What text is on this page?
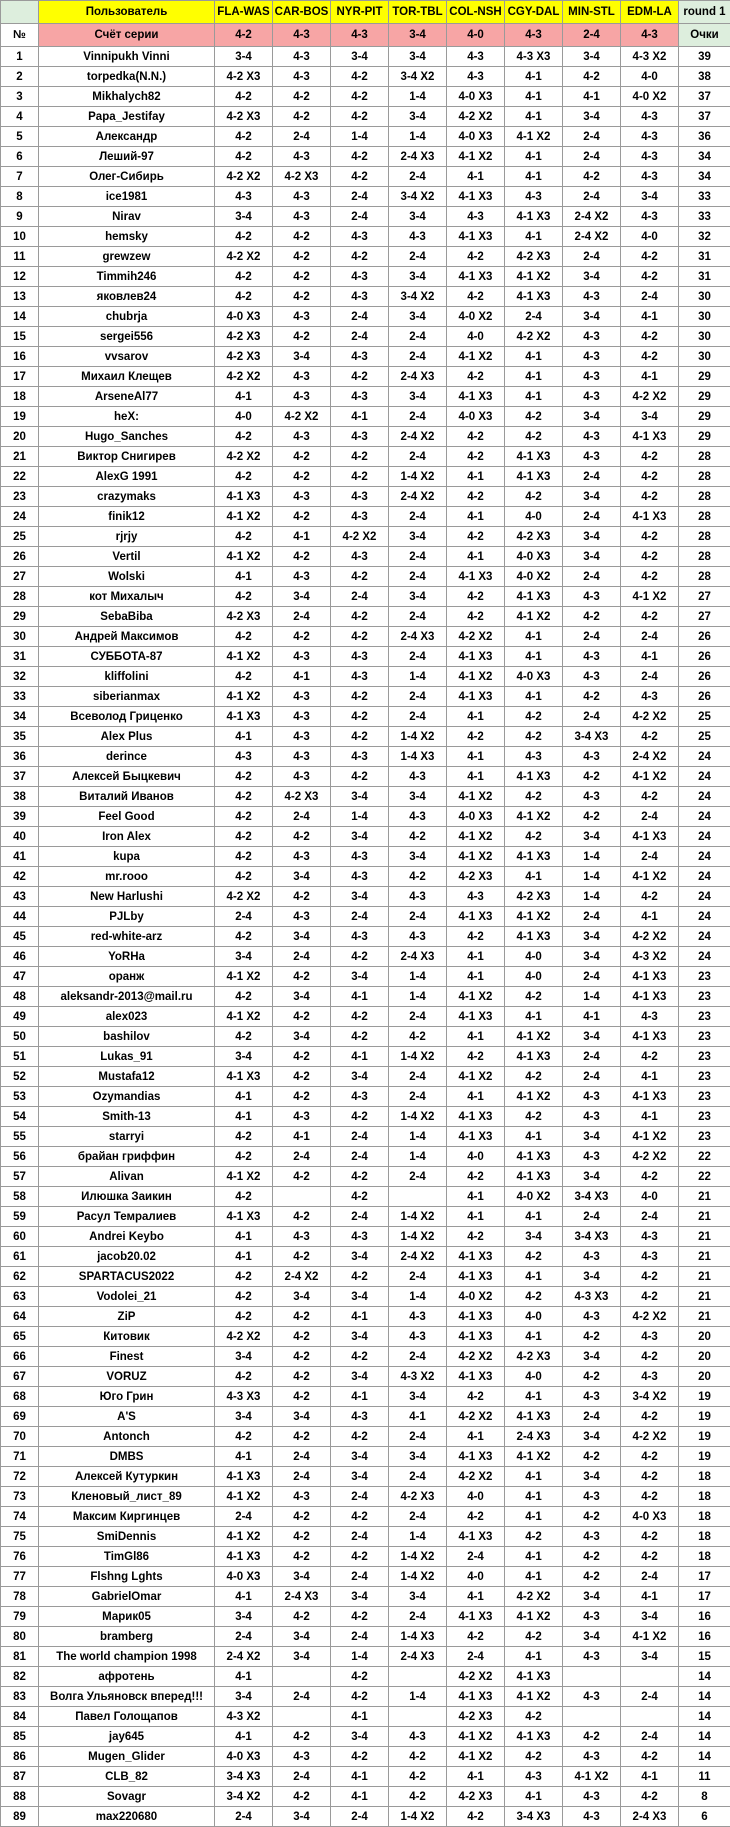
	Пользователь	FLA-WAS	CAR-BOS	NYR-PIT	TOR-TBL	COL-NSH	CGY-DAL	MIN-STL	EDM-LA	round 1
№	Счёт серии	4-2	4-3	4-3	3-4	4-0	4-3	2-4	4-3	Очки
1	Vinnipukh Vinni	3-4	4-3	3-4	3-4	4-3	4-3 X3	3-4	4-3 X2	39
2	torpedka(N.N.)	4-2 X3	4-3	4-2	3-4 X2	4-3	4-1	4-2	4-0	38
3	Mikhalych82	4-2	4-2	4-2	1-4	4-0 X3	4-1	4-1	4-0 X2	37
4	Papa_Jestifay	4-2 X3	4-2	4-2	3-4	4-2 X2	4-1	3-4	4-3	37
5	Александр	4-2	2-4	1-4	1-4	4-0 X3	4-1 X2	2-4	4-3	36
6	Леший-97	4-2	4-3	4-2	2-4 X3	4-1 X2	4-1	2-4	4-3	34
7	Олег-Сибирь	4-2 X2	4-2 X3	4-2	2-4	4-1	4-1	4-2	4-3	34
8	ice1981	4-3	4-3	2-4	3-4 X2	4-1 X3	4-3	2-4	3-4	33
9	Nirav	3-4	4-3	2-4	3-4	4-3	4-1 X3	2-4 X2	4-3	33
10	hemsky	4-2	4-2	4-3	4-3	4-1 X3	4-1	2-4 X2	4-0	32
11	grewzew	4-2 X2	4-2	4-2	2-4	4-2	4-2 X3	2-4	4-2	31
12	Timmih246	4-2	4-2	4-3	3-4	4-1 X3	4-1 X2	3-4	4-2	31
13	яковлев24	4-2	4-2	4-3	3-4 X2	4-2	4-1 X3	4-3	2-4	30
14	chubrja	4-0 X3	4-3	2-4	3-4	4-0 X2	2-4	3-4	4-1	30
15	sergei556	4-2 X3	4-2	2-4	2-4	4-0	4-2 X2	4-3	4-2	30
16	vvsarov	4-2 X3	3-4	4-3	2-4	4-1 X2	4-1	4-3	4-2	30
17	Михаил Клещев	4-2 X2	4-3	4-2	2-4 X3	4-2	4-1	4-3	4-1	29
18	ArseneAl77	4-1	4-3	4-3	3-4	4-1 X3	4-1	4-3	4-2 X2	29
19	heX:	4-0	4-2 X2	4-1	2-4	4-0 X3	4-2	3-4	3-4	29
20	Hugo_Sanches	4-2	4-3	4-3	2-4 X2	4-2	4-2	4-3	4-1 X3	29
21	Виктор Снигирев	4-2 X2	4-2	4-2	2-4	4-2	4-1 X3	4-3	4-2	28
22	AlexG 1991	4-2	4-2	4-2	1-4 X2	4-1	4-1 X3	2-4	4-2	28
23	crazymaks	4-1 X3	4-3	4-3	2-4 X2	4-2	4-2	3-4	4-2	28
24	finik12	4-1 X2	4-2	4-3	2-4	4-1	4-0	2-4	4-1 X3	28
25	rjrjy	4-2	4-1	4-2 X2	3-4	4-2	4-2 X3	3-4	4-2	28
26	Vertil	4-1 X2	4-2	4-3	2-4	4-1	4-0 X3	3-4	4-2	28
27	Wolski	4-1	4-3	4-2	2-4	4-1 X3	4-0 X2	2-4	4-2	28
28	кот Михалыч	4-2	3-4	2-4	3-4	4-2	4-1 X3	4-3	4-1 X2	27
29	SebaBiba	4-2 X3	2-4	4-2	2-4	4-2	4-1 X2	4-2	4-2	27
30	Андрей Максимов	4-2	4-2	4-2	2-4 X3	4-2 X2	4-1	2-4	2-4	26
31	СУББОТА-87	4-1 X2	4-3	4-3	2-4	4-1 X3	4-1	4-3	4-1	26
32	kliffolini	4-2	4-1	4-3	1-4	4-1 X2	4-0 X3	4-3	2-4	26
33	siberianmax	4-1 X2	4-3	4-2	2-4	4-1 X3	4-1	4-2	4-3	26
34	Всеволод Гриценко	4-1 X3	4-3	4-2	2-4	4-1	4-2	2-4	4-2 X2	25
35	Alex Plus	4-1	4-3	4-2	1-4 X2	4-2	4-2	3-4 X3	4-2	25
36	derince	4-3	4-3	4-3	1-4 X3	4-1	4-3	4-3	2-4 X2	24
37	Алексей Быцкевич	4-2	4-3	4-2	4-3	4-1	4-1 X3	4-2	4-1 X2	24
38	Виталий Иванов	4-2	4-2 X3	3-4	3-4	4-1 X2	4-2	4-3	4-2	24
39	Feel Good	4-2	2-4	1-4	4-3	4-0 X3	4-1 X2	4-2	2-4	24
40	Iron Alex	4-2	4-2	3-4	4-2	4-1 X2	4-2	3-4	4-1 X3	24
41	kupa	4-2	4-3	4-3	3-4	4-1 X2	4-1 X3	1-4	2-4	24
42	mr.rooo	4-2	3-4	4-3	4-2	4-2 X3	4-1	1-4	4-1 X2	24
43	New Harlushi	4-2 X2	4-2	3-4	4-3	4-3	4-2 X3	1-4	4-2	24
44	PJLby	2-4	4-3	2-4	2-4	4-1 X3	4-1 X2	2-4	4-1	24
45	red-white-arz	4-2	3-4	4-3	4-3	4-2	4-1 X3	3-4	4-2 X2	24
46	YoRHa	3-4	2-4	4-2	2-4 X3	4-1	4-0	3-4	4-3 X2	24
47	оранж	4-1 X2	4-2	3-4	1-4	4-1	4-0	2-4	4-1 X3	23
48	aleksandr-2013@mail.ru	4-2	3-4	4-1	1-4	4-1 X2	4-2	1-4	4-1 X3	23
49	alex023	4-1 X2	4-2	4-2	2-4	4-1 X3	4-1	4-1	4-3	23
50	bashilov	4-2	3-4	4-2	4-2	4-1	4-1 X2	3-4	4-1 X3	23
51	Lukas_91	3-4	4-2	4-1	1-4 X2	4-2	4-1 X3	2-4	4-2	23
52	Mustafa12	4-1 X3	4-2	3-4	2-4	4-1 X2	4-2	2-4	4-1	23
53	Ozymandias	4-1	4-2	4-3	2-4	4-1	4-1 X2	4-3	4-1 X3	23
54	Smith-13	4-1	4-3	4-2	1-4 X2	4-1 X3	4-2	4-3	4-1	23
55	starryi	4-2	4-1	2-4	1-4	4-1 X3	4-1	3-4	4-1 X2	23
56	брайан гриффин	4-2	2-4	2-4	1-4	4-0	4-1 X3	4-3	4-2 X2	22
57	Alivan	4-1 X2	4-2	4-2	2-4	4-2	4-1 X3	3-4	4-2	22
58	Илюшка Заикин	4-2		4-2		4-1	4-0 X2	3-4 X3	4-0	21
59	Расул Темралиев	4-1 X3	4-2	2-4	1-4 X2	4-1	4-1	2-4	2-4	21
60	Andrei Keybo	4-1	4-3	4-3	1-4 X2	4-2	3-4	3-4 X3	4-3	21
61	jacob20.02	4-1	4-2	3-4	2-4 X2	4-1 X3	4-2	4-3	4-3	21
62	SPARTACUS2022	4-2	2-4 X2	4-2	2-4	4-1 X3	4-1	3-4	4-2	21
63	Vodolei_21	4-2	3-4	3-4	1-4	4-0 X2	4-2	4-3 X3	4-2	21
64	ZiP	4-2	4-2	4-1	4-3	4-1 X3	4-0	4-3	4-2 X2	21
65	Китовик	4-2 X2	4-2	3-4	4-3	4-1 X3	4-1	4-2	4-3	20
66	Finest	3-4	4-2	4-2	2-4	4-2 X2	4-2 X3	3-4	4-2	20
67	VORUZ	4-2	4-2	3-4	4-3 X2	4-1 X3	4-0	4-2	4-3	20
68	Юго Грин	4-3 X3	4-2	4-1	3-4	4-2	4-1	4-3	3-4 X2	19
69	A'S	3-4	3-4	4-3	4-1	4-2 X2	4-1 X3	2-4	4-2	19
70	Antonch	4-2	4-2	4-2	2-4	4-1	2-4 X3	3-4	4-2 X2	19
71	DMBS	4-1	2-4	3-4	3-4	4-1 X3	4-1 X2	4-2	4-2	19
72	Алексей Кутуркин	4-1 X3	2-4	3-4	2-4	4-2 X2	4-1	3-4	4-2	18
73	Кленовый_лист_89	4-1 X2	4-3	2-4	4-2 X3	4-0	4-1	4-3	4-2	18
74	Максим Киргинцев	2-4	4-2	4-2	2-4	4-2	4-1	4-2	4-0 X3	18
75	SmiDennis	4-1 X2	4-2	2-4	1-4	4-1 X3	4-2	4-3	4-2	18
76	TimGl86	4-1 X3	4-2	4-2	1-4 X2	2-4	4-1	4-2	4-2	18
77	Flshng Lghts	4-0 X3	3-4	2-4	1-4 X2	4-0	4-1	4-2	2-4	17
78	GabrielOmar	4-1	2-4 X3	3-4	3-4	4-1	4-2 X2	3-4	4-1	17
79	Марик05	3-4	4-2	4-2	2-4	4-1 X3	4-1 X2	4-3	3-4	16
80	bramberg	2-4	3-4	2-4	1-4 X3	4-2	4-2	3-4	4-1 X2	16
81	The world champion 1998	2-4 X2	3-4	1-4	2-4 X3	2-4	4-1	4-3	3-4	15
82	афротень	4-1		4-2		4-2 X2	4-1 X3			14
83	Волга Ульяновск вперед!!!	3-4	2-4	4-2	1-4	4-1 X3	4-1 X2	4-3	2-4	14
84	Павел Голощапов	4-3 X2		4-1		4-2 X3	4-2			14
85	jay645	4-1	4-2	3-4	4-3	4-1 X2	4-1 X3	4-2	2-4	14
86	Mugen_Glider	4-0 X3	4-3	4-2	4-2	4-1 X2	4-2	4-3	4-2	14
87	CLB_82	3-4 X3	2-4	4-1	4-2	4-1	4-3	4-1 X2	4-1	11
88	Sovagr	3-4 X2	4-2	4-1	4-2	4-2 X3	4-1	4-3	4-2	8
89	max220680	2-4	3-4	2-4	1-4 X2	4-2	3-4 X3	4-3	2-4 X3	6
